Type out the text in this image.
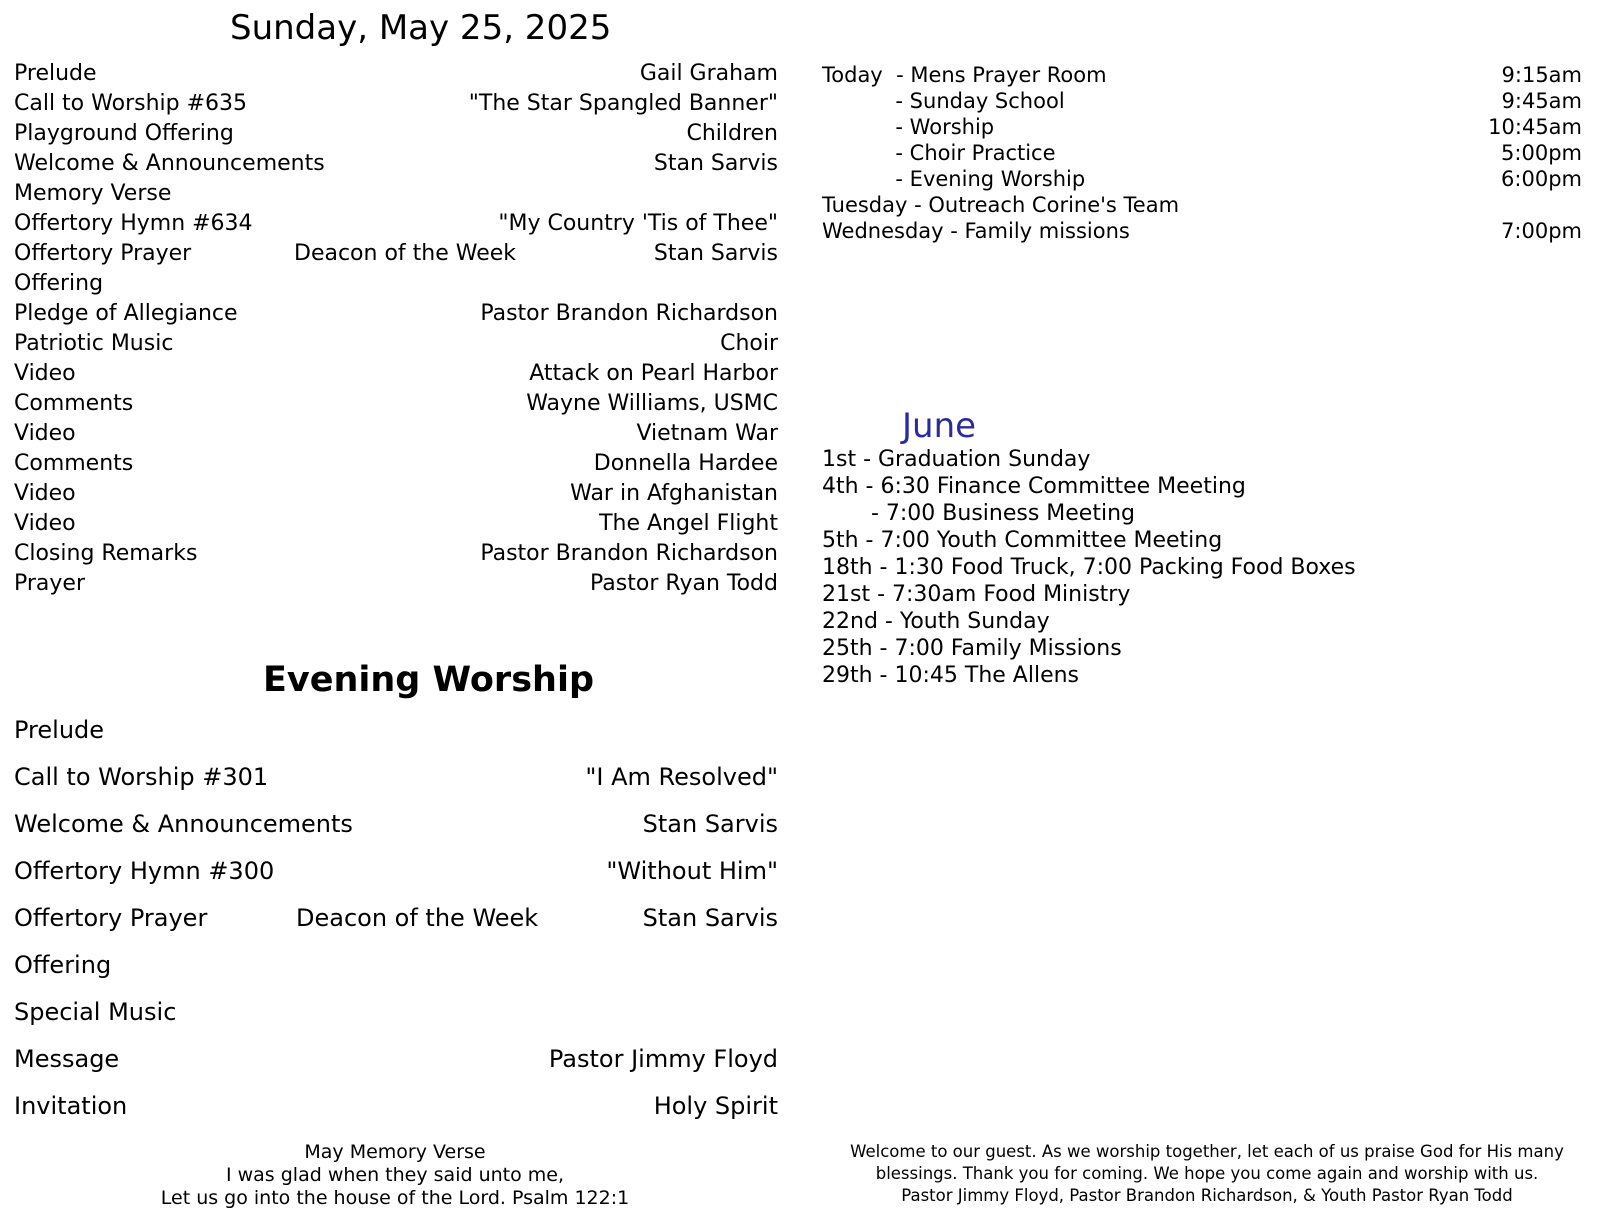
Sunday, May 25, 2025
Prelude	Gail Graham
Call to Worship #635	"The Star Spangled Banner"
Playground Offering	Children
Welcome & Announcements	Stan Sarvis
Memory Verse
Offertory Hymn #634	"My Country 'Tis of Thee"
Offertory Prayer	Deacon of the Week	Stan Sarvis
Offering
Pledge of Allegiance	Pastor Brandon Richardson
Patriotic Music	Choir
Video	Attack on Pearl Harbor
Comments	Wayne Williams, USMC
Video	Vietnam War
Comments	Donnella Hardee
Video	War in Afghanistan
Video	The Angel Flight
Closing Remarks	Pastor Brandon Richardson
Prayer	Pastor Ryan Todd
Evening Worship
Prelude
Call to Worship #301	"I Am Resolved"
Welcome & Announcements	Stan Sarvis
Offertory Hymn #300	"Without Him"
Offertory Prayer	Deacon of the Week	Stan Sarvis
Offering
Special Music
Message	Pastor Jimmy Floyd
Invitation	Holy Spirit
May Memory Verse
I was glad when they said unto me,
Let us go into the house of the Lord. Psalm 122:1
Today  - Mens Prayer Room	9:15am
- Sunday School	9:45am
- Worship	10:45am
- Choir Practice	5:00pm
- Evening Worship	6:00pm
Tuesday - Outreach Corine's Team
Wednesday - Family missions	7:00pm
June
1st - Graduation Sunday
4th - 6:30 Finance Committee Meeting
- 7:00 Business Meeting
5th - 7:00 Youth Committee Meeting
18th - 1:30 Food Truck, 7:00 Packing Food Boxes
21st - 7:30am Food Ministry
22nd - Youth Sunday
25th - 7:00 Family Missions
29th - 10:45 The Allens
Welcome to our guest. As we worship together, let each of us praise God for His many
blessings. Thank you for coming. We hope you come again and worship with us.
Pastor Jimmy Floyd, Pastor Brandon Richardson, & Youth Pastor Ryan Todd
